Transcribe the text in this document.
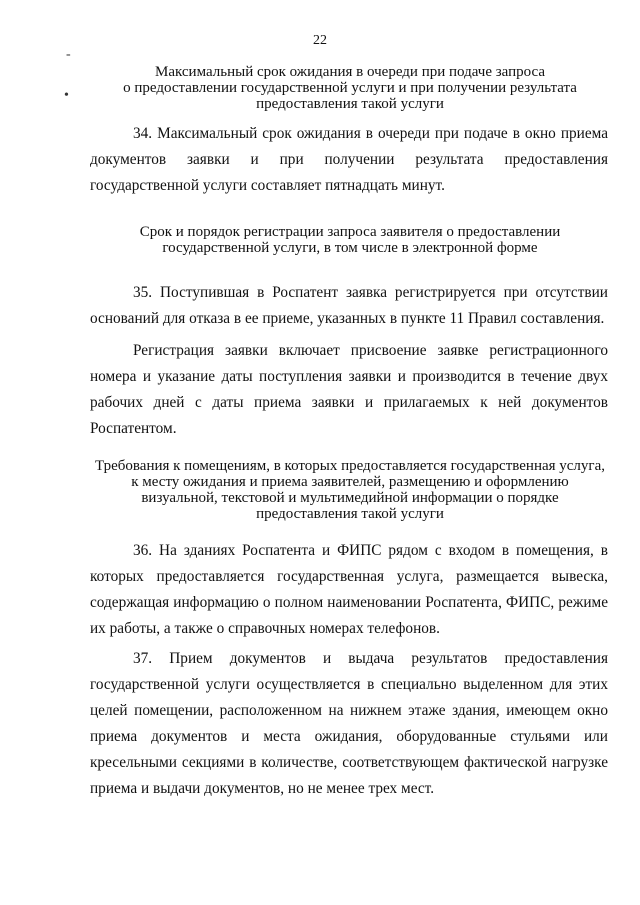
22
-
•
Максимальный срок ожидания в очереди при подаче запроса
о предоставлении государственной услуги и при получении результата
предоставления такой услуги

34. Максимальный срок ожидания в очереди при подаче в окно приема документов заявки и при получении результата предоставления государственной услуги составляет пятнадцать минут.

Срок и порядок регистрации запроса заявителя о предоставлении
государственной услуги, в том числе в электронной форме

35. Поступившая в Роспатент заявка регистрируется при отсутствии оснований для отказа в ее приеме, указанных в пункте 11 Правил составления.

Регистрация заявки включает присвоение заявке регистрационного номера и указание даты поступления заявки и производится в течение двух рабочих дней с даты приема заявки и прилагаемых к ней документов Роспатентом.

Требования к помещениям, в которых предоставляется государственная услуга,
к месту ожидания и приема заявителей, размещению и оформлению
визуальной, текстовой и мультимедийной информации о порядке
предоставления такой услуги

36. На зданиях Роспатента и ФИПС рядом с входом в помещения, в которых предоставляется государственная услуга, размещается вывеска, содержащая информацию о полном наименовании Роспатента, ФИПС, режиме их работы, а также о справочных номерах телефонов.

37. Прием документов и выдача результатов предоставления государственной услуги осуществляется в специально выделенном для этих целей помещении, расположенном на нижнем этаже здания, имеющем окно приема документов и места ожидания, оборудованные стульями или кресельными секциями в количестве, соответствующем фактической нагрузке приема и выдачи документов, но не менее трех мест.
